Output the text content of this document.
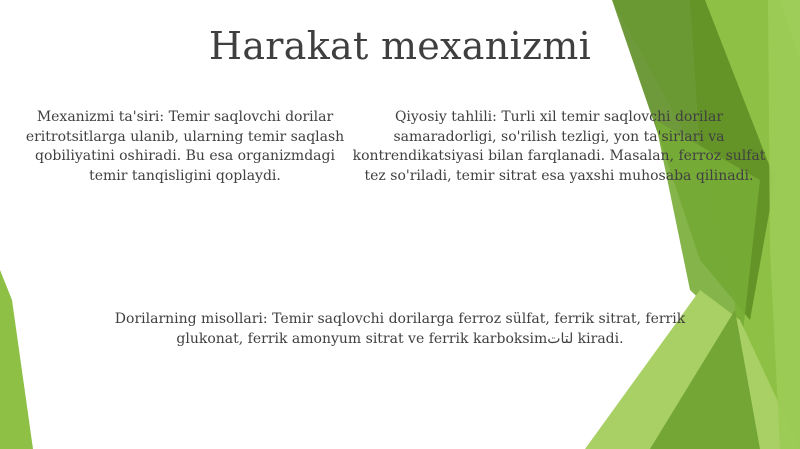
Harakat mexanizmi

Mexanizmi ta'siri: Temir saqlovchi dorilar eritrotsitlarga ulanib, ularning temir saqlash qobiliyatini oshiradi. Bu esa organizmdagi temir tanqisligini qoplaydi.

Qiyosiy tahlili: Turli xil temir saqlovchi dorilar samaradorligi, so'rilish tezligi, yon ta'sirlari va kontrendikatsiyasi bilan farqlanadi. Masalan, ferroz sulfat tez so'riladi, temir sitrat esa yaxshi muhosaba qilinadi.

Dorilarning misollari: Temir saqlovchi dorilarga ferroz sülfat, ferrik sitrat, ferrik glukonat, ferrik amonyum sitrat ve ferrik karboksimلتات kiradi.
